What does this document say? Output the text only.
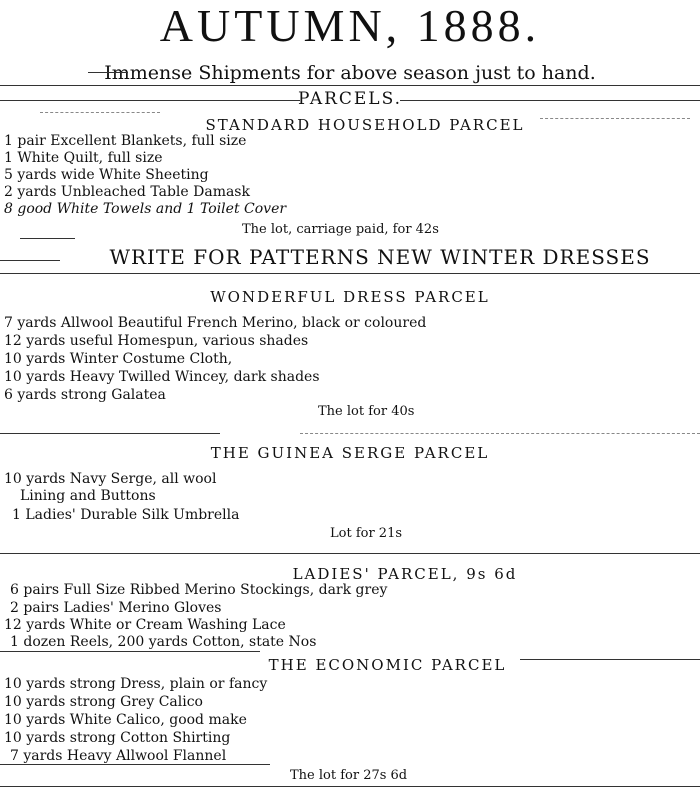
AUTUMN, 1888.
Immense Shipments for above season just to hand.
PARCELS.
STANDARD HOUSEHOLD PARCEL
1 pair Excellent Blankets, full size
1 White Quilt, full size
5 yards wide White Sheeting
2 yards Unbleached Table Damask
8 good White Towels and 1 Toilet Cover
The lot, carriage paid, for 42s
WRITE FOR PATTERNS NEW WINTER DRESSES
WONDERFUL DRESS PARCEL
7 yards Allwool Beautiful French Merino, black or coloured
12 yards useful Homespun, various shades
10 yards Winter Costume Cloth,
10 yards Heavy Twilled Wincey, dark shades
6 yards strong Galatea
The lot for 40s
THE GUINEA SERGE PARCEL
10 yards Navy Serge, all wool
Lining and Buttons
1 Ladies' Durable Silk Umbrella
Lot for 21s
LADIES' PARCEL, 9s 6d
6 pairs Full Size Ribbed Merino Stockings, dark grey
2 pairs Ladies' Merino Gloves
12 yards White or Cream Washing Lace
1 dozen Reels, 200 yards Cotton, state Nos
THE ECONOMIC PARCEL
10 yards strong Dress, plain or fancy
10 yards strong Grey Calico
10 yards White Calico, good make
10 yards strong Cotton Shirting
7 yards Heavy Allwool Flannel
The lot for 27s 6d
